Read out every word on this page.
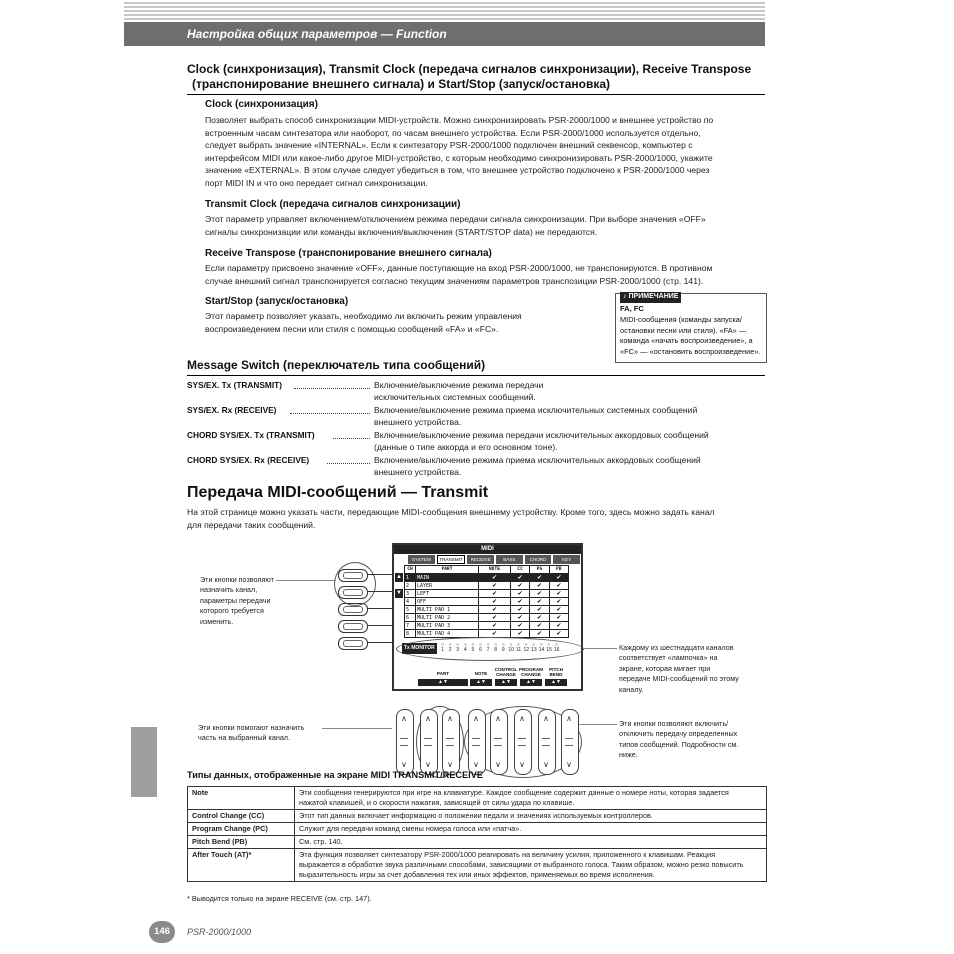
Настройка общих параметров — Function
Clock (синхронизация), Transmit Clock (передача сигналов синхронизации), Receive Transpose
(транспонирование внешнего сигнала) и Start/Stop (запуск/остановка)
Clock (синхронизация)
Позволяет выбрать способ синхронизации MIDI-устройств. Можно синхронизировать PSR-2000/1000 и внешнее устройство по
встроенным часам синтезатора или наоборот, по часам внешнего устройства. Если PSR-2000/1000 используется отдельно,
следует выбрать значение «INTERNAL». Если к синтезатору PSR-2000/1000 подключен внешний секвенсор, компьютер с
интерфейсом MIDI или какое-либо другое MIDI-устройство, с которым необходимо синхронизировать PSR-2000/1000, укажите
значение «EXTERNAL». В этом случае следует убедиться в том, что внешнее устройство подключено к PSR-2000/1000 через
порт MIDI IN и что оно передает сигнал синхронизации.
Transmit Clock (передача сигналов синхронизации)
Этот параметр управляет включением/отключением режима передачи сигнала синхронизации. При выборе значения «OFF»
сигналы синхронизации или команды включения/выключения (START/STOP data) не передаются.
Receive Transpose (транспонирование внешнего сигнала)
Если параметру присвоено значение «OFF», данные поступающие на вход PSR-2000/1000, не транспонируются. В противном
случае внешний сигнал транспонируется согласно текущим значениям параметров транспозиции PSR-2000/1000 (стр. 141).
Start/Stop (запуск/остановка)
Этот параметр позволяет указать, необходимо ли включить режим управления
воспроизведением песни или стиля с помощью сообщений «FA» и «FC».
♪ ПРИМЕЧАНИЕ
FA, FC
MIDI-сообщения (команды запуска/
остановки песни или стиля). «FA» —
команда «начать воспроизведение», а
«FC» — «остановить воспроизведение».
Message Switch (переключатель типа сообщений)
SYS/EX. Tx (TRANSMIT)	Включение/выключение режима передачи
исключительных системных сообщений.
SYS/EX. Rx (RECEIVE)	Включение/выключение режима приема исключительных системных сообщений
внешнего устройства.
CHORD SYS/EX. Tx (TRANSMIT)	Включение/выключение режима передачи исключительных аккордовых сообщений
(данные о типе аккорда и его основном тоне).
CHORD SYS/EX. Rx (RECEIVE)	Включение/выключение режима приема исключительных аккордовых сообщений
внешнего устройства.
Передача MIDI-сообщений — Transmit
На этой странице можно указать части, передающие MIDI-сообщения внешнему устройству. Кроме того, здесь можно задать канал
для передачи таких сообщений.
MIDI
SYSTEM	TRANSMIT	RECEIVE	BASS	CHORD	KEY
▲
▼
CH	PART	NOTE	CC	PG	PB
1	MAIN	✔	✔	✔	✔
2	LAYER	✔	✔	✔	✔
3	LEFT	✔	✔	✔	✔
4	OFF	✔	✔	✔	✔
5	MULTI PAD 1	✔	✔	✔	✔
6	MULTI PAD 2	✔	✔	✔	✔
7	MULTI PAD 3	✔	✔	✔	✔
8	MULTI PAD 4	✔	✔	✔	✔
Tx MONITOR	○
1
○
2
○
3
○
4
○
5
○
6
○
7
○
8
○
9
○
10
○
11
○
12
○
13
○
14
○
15
○
16
PART
▲▼
NOTE
▲▼
CONTROL CHANGE
▲▼
PROGRAM CHANGE
▲▼
PITCH BEND
▲▼
Эти кнопки позволяют
назначить канал,
параметры передачи
которого требуется
изменить.
Каждому из шестнадцати каналов
соответствует «лампочка» на
экране, которая мигает при
передаче MIDI-сообщений по этому
каналу.
Эти кнопки помогают назначить
часть на выбранный канал.
Эти кнопки позволяют включить/
отключить передачу определенных
типов сообщений. Подробности см.
ниже.
∧
∨
∧
∨
∧
∨
∧
∨
∧
∨
∧
∨
∧
∨
∧
∨
Типы данных, отображенные на экране MIDI TRANSMIT/RECEIVE
Note	Эти сообщения генерируются при игре на клавиатуре. Каждое сообщение содержит данные о номере ноты, которая задается
нажатой клавишей, и о скорости нажатия, зависящей от силы удара по клавише.

Control Change (CC)	Этот тип данных включает информацию о положении педали и значениях используемых контроллеров.

Program Change (PC)	Служит для передачи команд смены номера голоса или «патча».

Pitch Bend (PB)	См. стр. 140.

After Touch (AT)*	Эта функция позволяет синтезатору PSR-2000/1000 реагировать на величину усилия, приложенного к клавишам. Реакция
выражается в обработке звука различными способами, зависящими от выбранного голоса. Таким образом, можно резко повысить
выразительность игры за счет добавления тех или иных эффектов, применяемых во время исполнения.
* Выводится только на экране RECEIVE (см. стр. 147).
146	PSR-2000/1000
